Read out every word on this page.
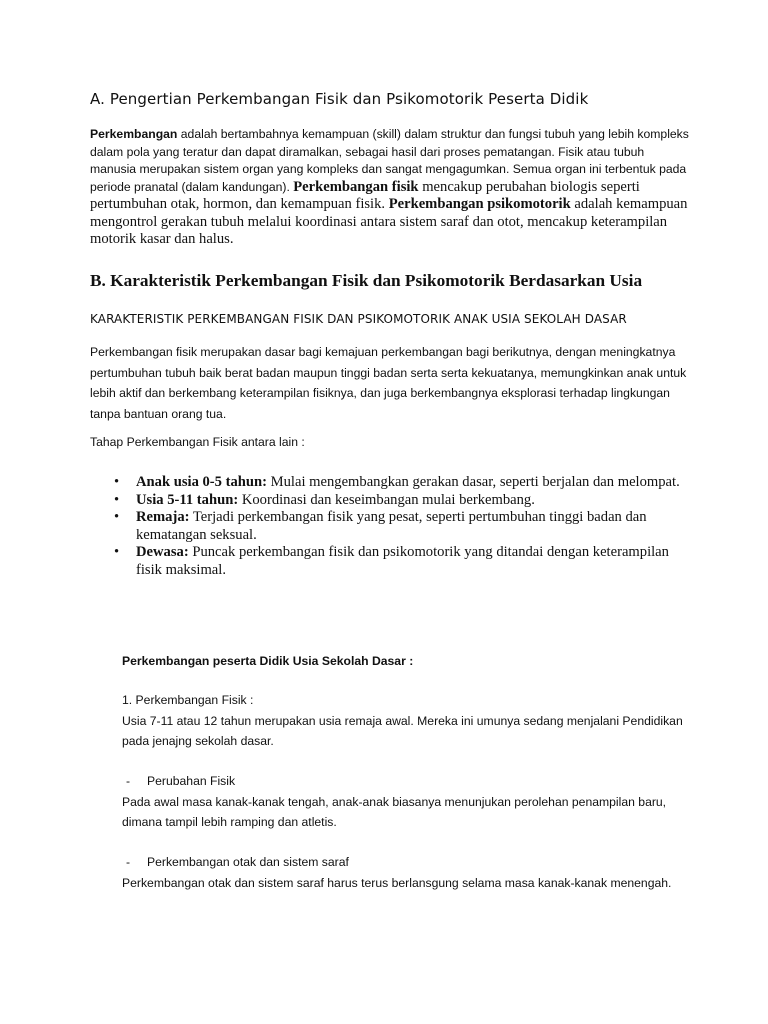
A. Pengertian Perkembangan Fisik dan Psikomotorik Peserta Didik
Perkembangan adalah bertambahnya kemampuan (skill) dalam struktur dan fungsi tubuh yang lebih kompleks dalam pola yang teratur dan dapat diramalkan, sebagai hasil dari proses pematangan. Fisik atau tubuh manusia merupakan sistem organ yang kompleks dan sangat mengagumkan. Semua organ ini terbentuk pada periode pranatal (dalam kandungan). Perkembangan fisik mencakup perubahan biologis seperti pertumbuhan otak, hormon, dan kemampuan fisik. Perkembangan psikomotorik adalah kemampuan mengontrol gerakan tubuh melalui koordinasi antara sistem saraf dan otot, mencakup keterampilan motorik kasar dan halus.
B. Karakteristik Perkembangan Fisik dan Psikomotorik Berdasarkan Usia
KARAKTERISTIK PERKEMBANGAN FISIK DAN PSIKOMOTORIK ANAK USIA SEKOLAH DASAR
Perkembangan fisik merupakan dasar bagi kemajuan perkembangan bagi berikutnya, dengan meningkatnya pertumbuhan tubuh baik berat badan maupun tinggi badan serta serta kekuatanya, memungkinkan anak untuk lebih aktif dan berkembang keterampilan fisiknya, dan juga berkembangnya eksplorasi terhadap lingkungan tanpa bantuan orang tua.
Tahap Perkembangan Fisik antara lain :
• Anak usia 0-5 tahun: Mulai mengembangkan gerakan dasar, seperti berjalan dan melompat.
• Usia 5-11 tahun: Koordinasi dan keseimbangan mulai berkembang.
• Remaja: Terjadi perkembangan fisik yang pesat, seperti pertumbuhan tinggi badan dan kematangan seksual.
• Dewasa: Puncak perkembangan fisik dan psikomotorik yang ditandai dengan keterampilan fisik maksimal.
Perkembangan peserta Didik Usia Sekolah Dasar :
1. Perkembangan Fisik :
Usia 7-11 atau 12 tahun merupakan usia remaja awal. Mereka ini umunya sedang menjalani Pendidikan pada jenajng sekolah dasar.
- Perubahan Fisik
Pada awal masa kanak-kanak tengah, anak-anak biasanya menunjukan perolehan penampilan baru, dimana tampil lebih ramping dan atletis.
- Perkembangan otak dan sistem saraf
Perkembangan otak dan sistem saraf harus terus berlansgung selama masa kanak-kanak menengah.
